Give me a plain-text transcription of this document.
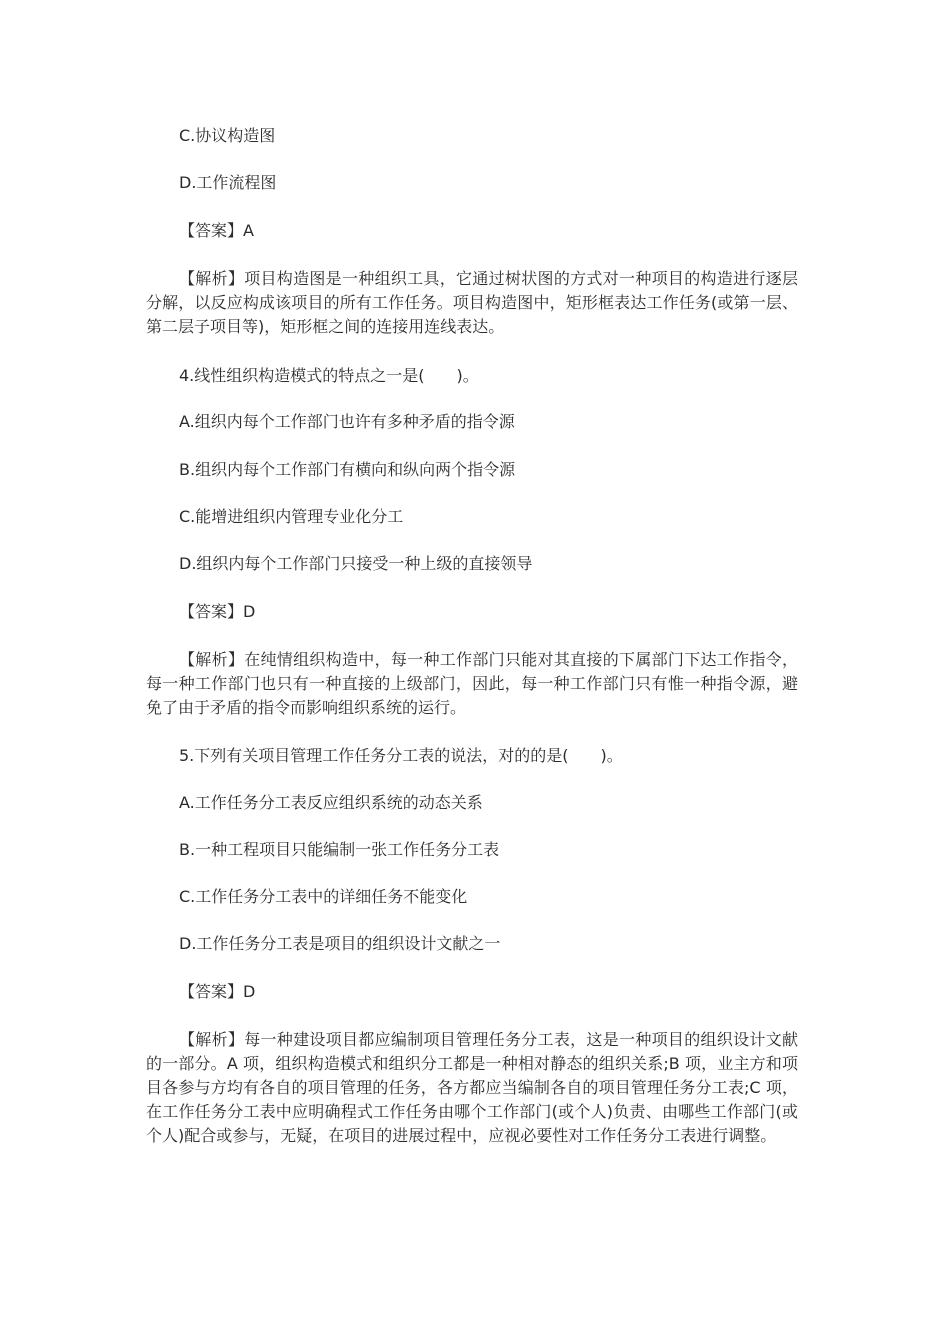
C.协议构造图
D.工作流程图
【答案】A
【解析】项目构造图是一种组织工具，它通过树状图的方式对一种项目的构造进行逐层分解，以反应构成该项目的所有工作任务。项目构造图中，矩形框表达工作任务(或第一层、第二层子项目等)，矩形框之间的连接用连线表达。
4.线性组织构造模式的特点之一是(　　)。
A.组织内每个工作部门也许有多种矛盾的指令源
B.组织内每个工作部门有横向和纵向两个指令源
C.能增进组织内管理专业化分工
D.组织内每个工作部门只接受一种上级的直接领导
【答案】D
【解析】在纯情组织构造中，每一种工作部门只能对其直接的下属部门下达工作指令，每一种工作部门也只有一种直接的上级部门，因此，每一种工作部门只有惟一种指令源，避免了由于矛盾的指令而影响组织系统的运行。
5.下列有关项目管理工作任务分工表的说法，对的的是(　　)。
A.工作任务分工表反应组织系统的动态关系
B.一种工程项目只能编制一张工作任务分工表
C.工作任务分工表中的详细任务不能变化
D.工作任务分工表是项目的组织设计文献之一
【答案】D
【解析】每一种建设项目都应编制项目管理任务分工表，这是一种项目的组织设计文献的一部分。A 项，组织构造模式和组织分工都是一种相对静态的组织关系;B 项，业主方和项目各参与方均有各自的项目管理的任务，各方都应当编制各自的项目管理任务分工表;C 项，在工作任务分工表中应明确程式工作任务由哪个工作部门(或个人)负责、由哪些工作部门(或个人)配合或参与，无疑，在项目的进展过程中，应视必要性对工作任务分工表进行调整。
